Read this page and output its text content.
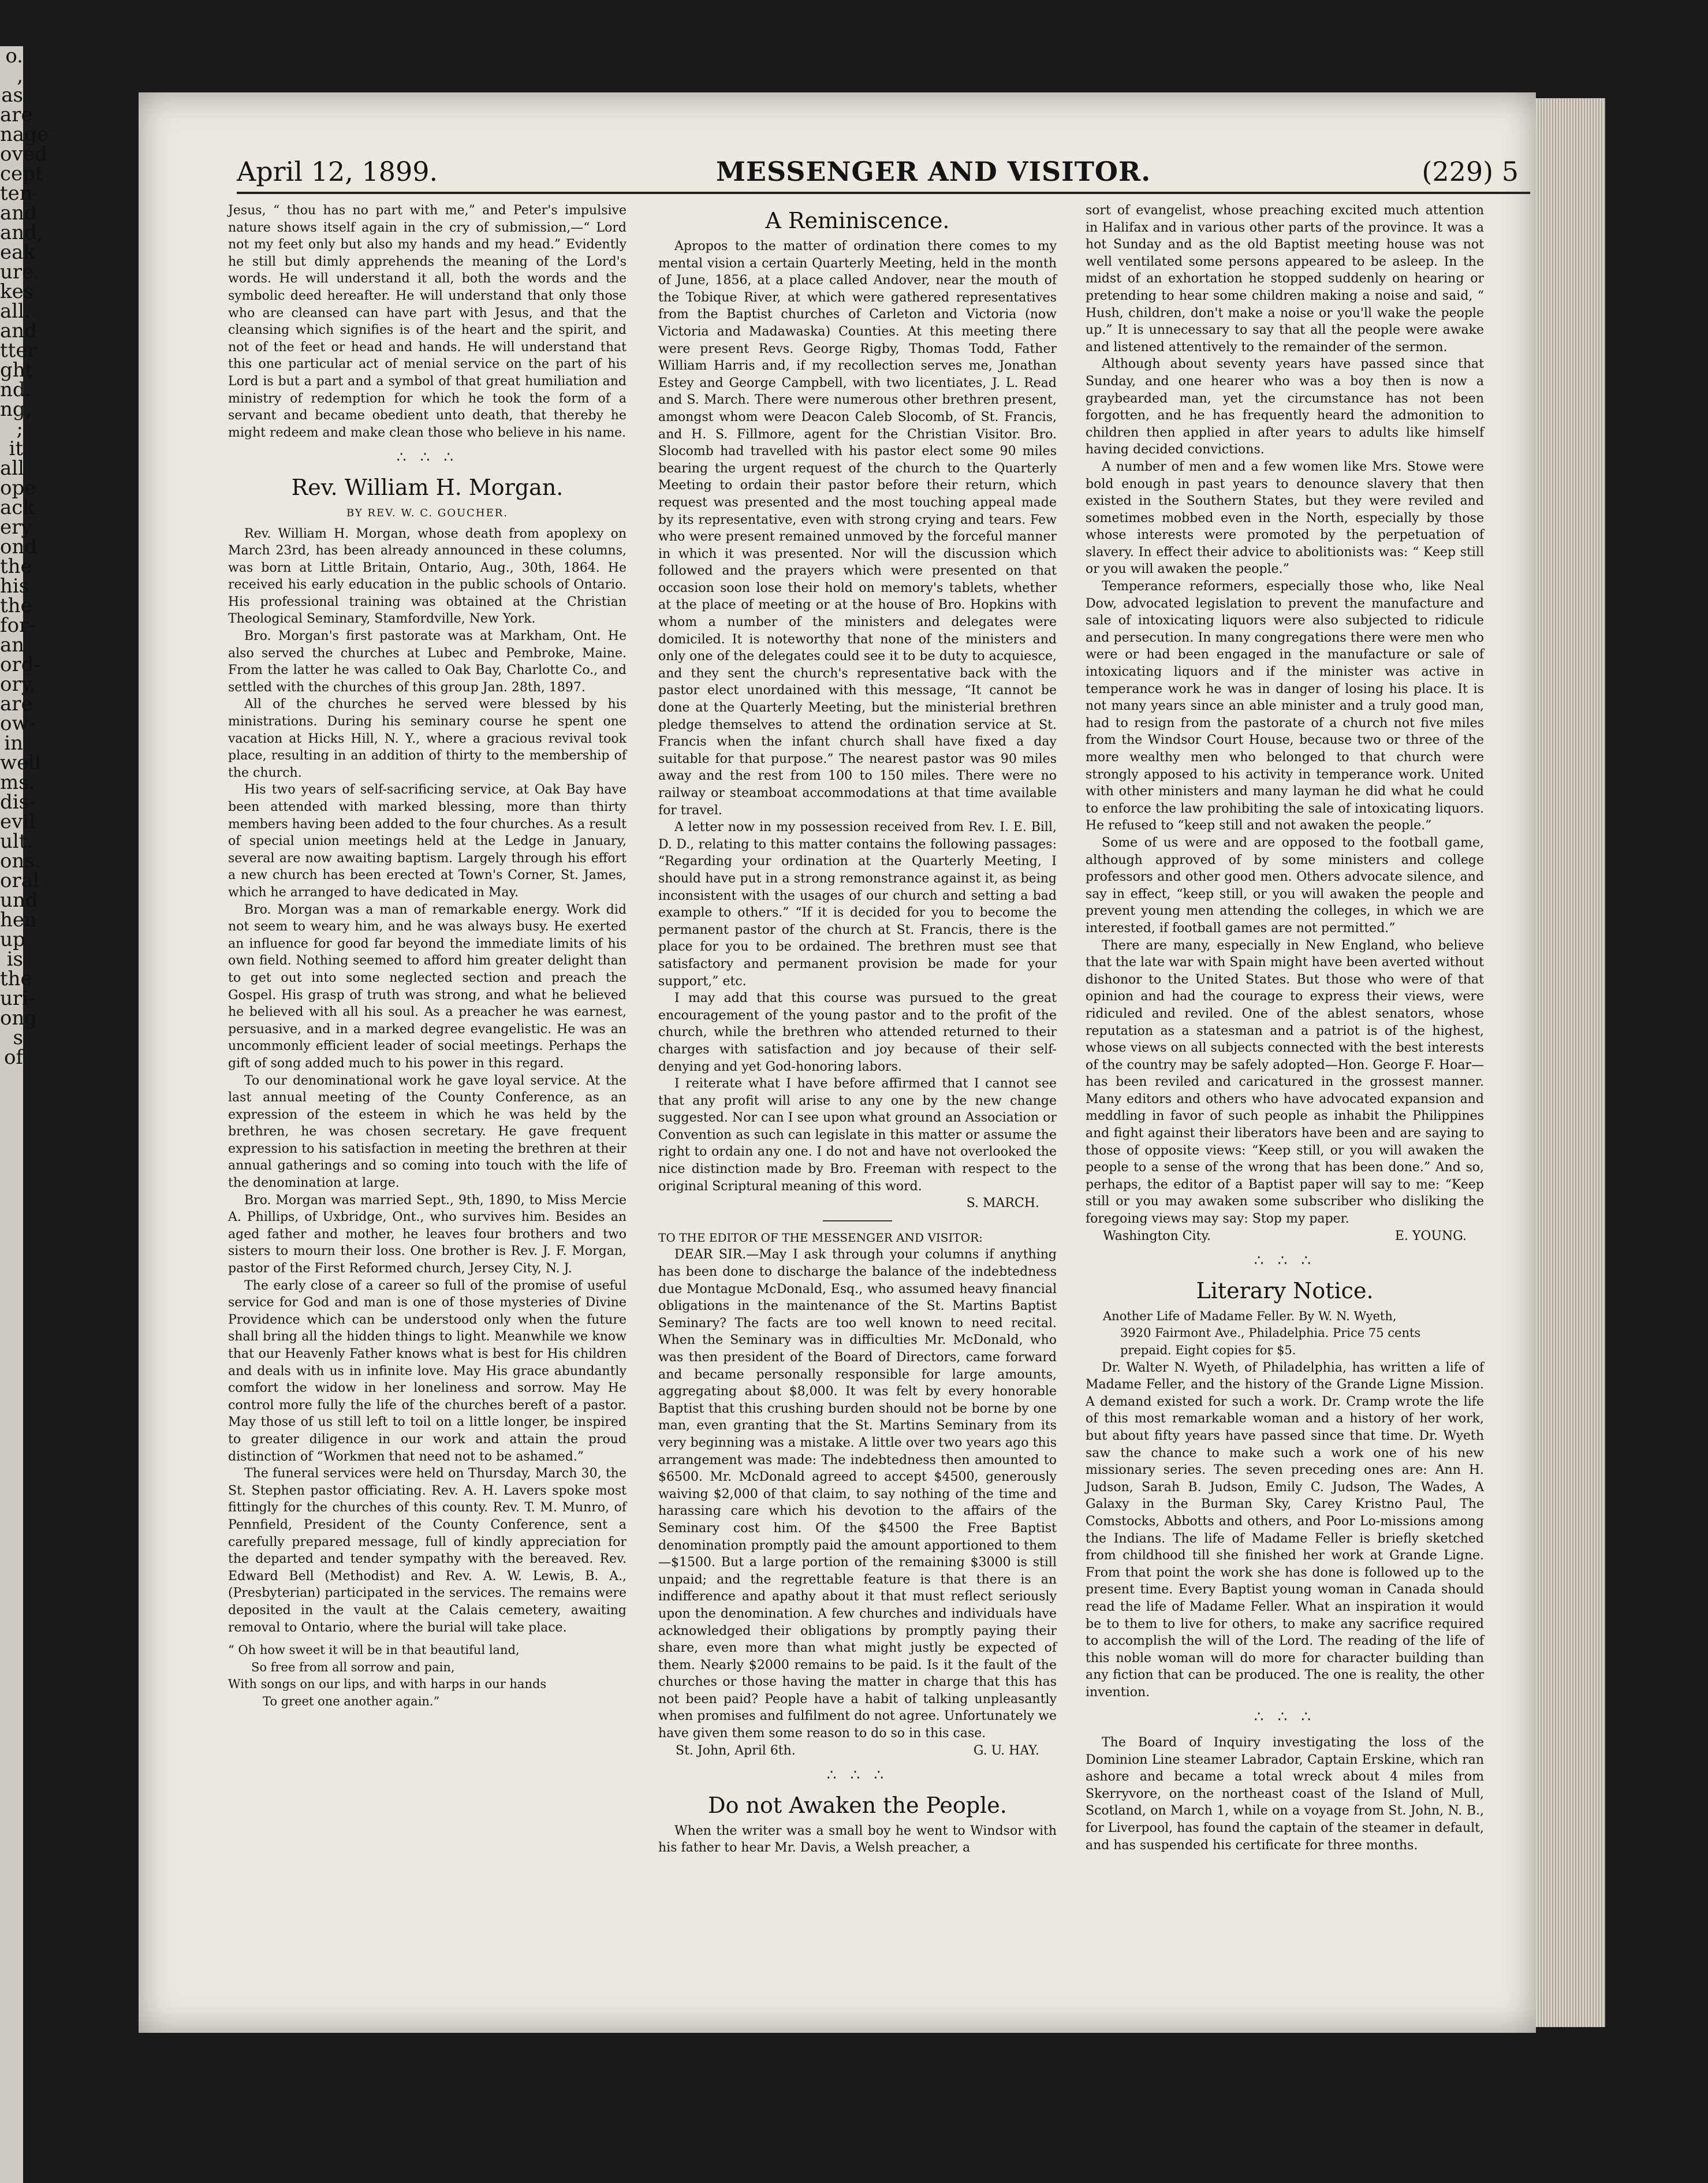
o.
, as
are
nage
oved
cept
ten-
and
and,
eak
ure.
kes
all.
and
tter
ght
nd.
ng,
; it
all
ope
ack
ery
ond
the
his
the
for-
an
ord-
ory,
are
ow-
in
well
ms.
dis-
evil
ult.
ons.
oral
und
hen
up
is
the
uri-
ong
s of
April 12, 1899.	MESSENGER AND VISITOR.	(229) 5

Jesus, “ thou has no part with me,” and Peter's impulsive nature shows itself again in the cry of submission,—“ Lord not my feet only but also my hands and my head.” Evidently he still but dimly apprehends the meaning of the Lord's words. He will understand it all, both the words and the symbolic deed hereafter. He will understand that only those who are cleansed can have part with Jesus, and that the cleansing which signifies is of the heart and the spirit, and not of the feet or head and hands. He will understand that this one particular act of menial service on the part of his Lord is but a part and a symbol of that great humiliation and ministry of redemption for which he took the form of a servant and became obedient unto death, that thereby he might redeem and make clean those who believe in his name.

∴ ∴ ∴
Rev. William H. Morgan.
BY REV. W. C. GOUCHER.

Rev. William H. Morgan, whose death from apoplexy on March 23rd, has been already announced in these columns, was born at Little Britain, Ontario, Aug., 30th, 1864. He received his early education in the public schools of Ontario. His professional training was obtained at the Christian Theological Seminary, Stamfordville, New York.

Bro. Morgan's first pastorate was at Markham, Ont. He also served the churches at Lubec and Pembroke, Maine. From the latter he was called to Oak Bay, Charlotte Co., and settled with the churches of this group Jan. 28th, 1897.

All of the churches he served were blessed by his ministrations. During his seminary course he spent one vacation at Hicks Hill, N. Y., where a gracious revival took place, resulting in an addition of thirty to the membership of the church.

His two years of self-sacrificing service, at Oak Bay have been attended with marked blessing, more than thirty members having been added to the four churches. As a result of special union meetings held at the Ledge in January, several are now awaiting baptism. Largely through his effort a new church has been erected at Town's Corner, St. James, which he arranged to have dedicated in May.

Bro. Morgan was a man of remarkable energy. Work did not seem to weary him, and he was always busy. He exerted an influence for good far beyond the immediate limits of his own field. Nothing seemed to afford him greater delight than to get out into some neglected section and preach the Gospel. His grasp of truth was strong, and what he believed he believed with all his soul. As a preacher he was earnest, persuasive, and in a marked degree evangelistic. He was an uncommonly efficient leader of social meetings. Perhaps the gift of song added much to his power in this regard.

To our denominational work he gave loyal service. At the last annual meeting of the County Conference, as an expression of the esteem in which he was held by the brethren, he was chosen secretary. He gave frequent expression to his satisfaction in meeting the brethren at their annual gatherings and so coming into touch with the life of the denomination at large.

Bro. Morgan was married Sept., 9th, 1890, to Miss Mercie A. Phillips, of Uxbridge, Ont., who survives him. Besides an aged father and mother, he leaves four brothers and two sisters to mourn their loss. One brother is Rev. J. F. Morgan, pastor of the First Reformed church, Jersey City, N. J.

The early close of a career so full of the promise of useful service for God and man is one of those mysteries of Divine Providence which can be understood only when the future shall bring all the hidden things to light. Meanwhile we know that our Heavenly Father knows what is best for His children and deals with us in infinite love. May His grace abundantly comfort the widow in her loneliness and sorrow. May He control more fully the life of the churches bereft of a pastor. May those of us still left to toil on a little longer, be inspired to greater diligence in our work and attain the proud distinction of “Workmen that need not to be ashamed.”

The funeral services were held on Thursday, March 30, the St. Stephen pastor officiating. Rev. A. H. Lavers spoke most fittingly for the churches of this county. Rev. T. M. Munro, of Pennfield, President of the County Conference, sent a carefully prepared message, full of kindly appreciation for the departed and tender sympathy with the bereaved. Rev. Edward Bell (Methodist) and Rev. A. W. Lewis, B. A., (Presbyterian) participated in the services. The remains were deposited in the vault at the Calais cemetery, awaiting removal to Ontario, where the burial will take place.

“ Oh how sweet it will be in that beautiful land,

So free from all sorrow and pain,

With songs on our lips, and with harps in our hands

To greet one another again.”

A Reminiscence.

Apropos to the matter of ordination there comes to my mental vision a certain Quarterly Meeting, held in the month of June, 1856, at a place called Andover, near the mouth of the Tobique River, at which were gathered representatives from the Baptist churches of Carleton and Victoria (now Victoria and Madawaska) Counties. At this meeting there were present Revs. George Rigby, Thomas Todd, Father William Harris and, if my recollection serves me, Jonathan Estey and George Campbell, with two licentiates, J. L. Read and S. March. There were numerous other brethren present, amongst whom were Deacon Caleb Slocomb, of St. Francis, and H. S. Fillmore, agent for the Christian Visitor. Bro. Slocomb had travelled with his pastor elect some 90 miles bearing the urgent request of the church to the Quarterly Meeting to ordain their pastor before their return, which request was presented and the most touching appeal made by its representative, even with strong crying and tears. Few who were present remained unmoved by the forceful manner in which it was presented. Nor will the discussion which followed and the prayers which were presented on that occasion soon lose their hold on memory's tablets, whether at the place of meeting or at the house of Bro. Hopkins with whom a number of the ministers and delegates were domiciled. It is noteworthy that none of the ministers and only one of the delegates could see it to be duty to acquiesce, and they sent the church's representative back with the pastor elect unordained with this message, “It cannot be done at the Quarterly Meeting, but the ministerial brethren pledge themselves to attend the ordination service at St. Francis when the infant church shall have fixed a day suitable for that purpose.” The nearest pastor was 90 miles away and the rest from 100 to 150 miles. There were no railway or steamboat accommodations at that time available for travel.

A letter now in my possession received from Rev. I. E. Bill, D. D., relating to this matter contains the following passages: “Regarding your ordination at the Quarterly Meeting, I should have put in a strong remonstrance against it, as being inconsistent with the usages of our church and setting a bad example to others.” “If it is decided for you to become the permanent pastor of the church at St. Francis, there is the place for you to be ordained. The brethren must see that satisfactory and permanent provision be made for your support,” etc.

I may add that this course was pursued to the great encouragement of the young pastor and to the profit of the church, while the brethren who attended returned to their charges with satisfaction and joy because of their self-denying and yet God-honoring labors.

I reiterate what I have before affirmed that I cannot see that any profit will arise to any one by the new change suggested. Nor can I see upon what ground an Association or Convention as such can legislate in this matter or assume the right to ordain any one. I do not and have not overlooked the nice distinction made by Bro. Freeman with respect to the original Scriptural meaning of this word.

S. MARCH.

TO THE EDITOR OF THE MESSENGER AND VISITOR:

DEAR SIR.—May I ask through your columns if anything has been done to discharge the balance of the indebtedness due Montague McDonald, Esq., who assumed heavy financial obligations in the maintenance of the St. Martins Baptist Seminary? The facts are too well known to need recital. When the Seminary was in difficulties Mr. McDonald, who was then president of the Board of Directors, came forward and became personally responsible for large amounts, aggregating about $8,000. It was felt by every honorable Baptist that this crushing burden should not be borne by one man, even granting that the St. Martins Seminary from its very beginning was a mistake. A little over two years ago this arrangement was made: The indebtedness then amounted to $6500. Mr. McDonald agreed to accept $4500, generously waiving $2,000 of that claim, to say nothing of the time and harassing care which his devotion to the affairs of the Seminary cost him. Of the $4500 the Free Baptist denomination promptly paid the amount apportioned to them—$1500. But a large portion of the remaining $3000 is still unpaid; and the regrettable feature is that there is an indifference and apathy about it that must reflect seriously upon the denomination. A few churches and individuals have acknowledged their obligations by promptly paying their share, even more than what might justly be expected of them. Nearly $2000 remains to be paid. Is it the fault of the churches or those having the matter in charge that this has not been paid? People have a habit of talking unpleasantly when promises and fulfilment do not agree. Unfortunately we have given them some reason to do so in this case.

St. John, April 6th.	G. U. HAY.
∴ ∴ ∴
Do not Awaken the People.

When the writer was a small boy he went to Windsor with his father to hear Mr. Davis, a Welsh preacher, a

sort of evangelist, whose preaching excited much attention in Halifax and in various other parts of the province. It was a hot Sunday and as the old Baptist meeting house was not well ventilated some persons appeared to be asleep. In the midst of an exhortation he stopped suddenly on hearing or pretending to hear some children making a noise and said, “ Hush, children, don't make a noise or you'll wake the people up.” It is unnecessary to say that all the people were awake and listened attentively to the remainder of the sermon.

Although about seventy years have passed since that Sunday, and one hearer who was a boy then is now a graybearded man, yet the circumstance has not been forgotten, and he has frequently heard the admonition to children then applied in after years to adults like himself having decided convictions.

A number of men and a few women like Mrs. Stowe were bold enough in past years to denounce slavery that then existed in the Southern States, but they were reviled and sometimes mobbed even in the North, especially by those whose interests were promoted by the perpetuation of slavery. In effect their advice to abolitionists was: “ Keep still or you will awaken the people.”

Temperance reformers, especially those who, like Neal Dow, advocated legislation to prevent the manufacture and sale of intoxicating liquors were also subjected to ridicule and persecution. In many congregations there were men who were or had been engaged in the manufacture or sale of intoxicating liquors and if the minister was active in temperance work he was in danger of losing his place. It is not many years since an able minister and a truly good man, had to resign from the pastorate of a church not five miles from the Windsor Court House, because two or three of the more wealthy men who belonged to that church were strongly apposed to his activity in temperance work. United with other ministers and many layman he did what he could to enforce the law prohibiting the sale of intoxicating liquors. He refused to “keep still and not awaken the people.”

Some of us were and are opposed to the football game, although approved of by some ministers and college professors and other good men. Others advocate silence, and say in effect, “keep still, or you will awaken the people and prevent young men attending the colleges, in which we are interested, if football games are not permitted.”

There are many, especially in New England, who believe that the late war with Spain might have been averted without dishonor to the United States. But those who were of that opinion and had the courage to express their views, were ridiculed and reviled. One of the ablest senators, whose reputation as a statesman and a patriot is of the highest, whose views on all subjects connected with the best interests of the country may be safely adopted—Hon. George F. Hoar—has been reviled and caricatured in the grossest manner. Many editors and others who have advocated expansion and meddling in favor of such people as inhabit the Philippines and fight against their liberators have been and are saying to those of opposite views: “Keep still, or you will awaken the people to a sense of the wrong that has been done.” And so, perhaps, the editor of a Baptist paper will say to me: “Keep still or you may awaken some subscriber who disliking the foregoing views may say: Stop my paper.

Washington City.	E. YOUNG.
∴ ∴ ∴
Literary Notice.

Another Life of Madame Feller. By W. N. Wyeth,

3920 Fairmont Ave., Philadelphia. Price 75 cents

prepaid. Eight copies for $5.

Dr. Walter N. Wyeth, of Philadelphia, has written a life of Madame Feller, and the history of the Grande Ligne Mission. A demand existed for such a work. Dr. Cramp wrote the life of this most remarkable woman and a history of her work, but about fifty years have passed since that time. Dr. Wyeth saw the chance to make such a work one of his new missionary series. The seven preceding ones are: Ann H. Judson, Sarah B. Judson, Emily C. Judson, The Wades, A Galaxy in the Burman Sky, Carey Kristno Paul, The Comstocks, Abbotts and others, and Poor Lo-missions among the Indians. The life of Madame Feller is briefly sketched from childhood till she finished her work at Grande Ligne. From that point the work she has done is followed up to the present time. Every Baptist young woman in Canada should read the life of Madame Feller. What an inspiration it would be to them to live for others, to make any sacrifice required to accomplish the will of the Lord. The reading of the life of this noble woman will do more for character building than any fiction that can be produced. The one is reality, the other invention.

∴ ∴ ∴

The Board of Inquiry investigating the loss of the Dominion Line steamer Labrador, Captain Erskine, which ran ashore and became a total wreck about 4 miles from Skerryvore, on the northeast coast of the Island of Mull, Scotland, on March 1, while on a voyage from St. John, N. B., for Liverpool, has found the captain of the steamer in default, and has suspended his certificate for three months.
